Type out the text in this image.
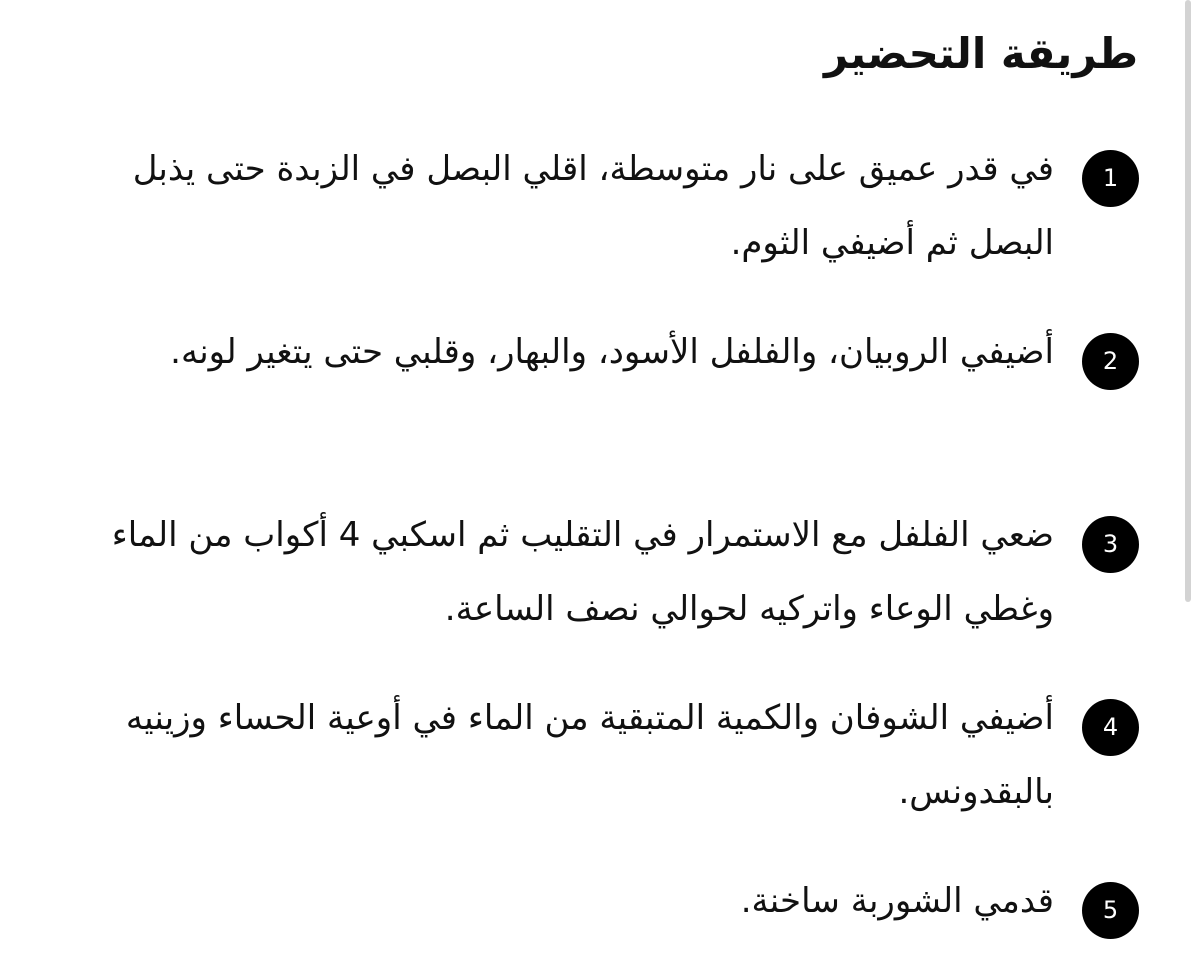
طريقة التحضير
1

في قدر عميق على نار متوسطة، اقلي البصل في الزبدة حتى يذبل البصل ثم أضيفي الثوم.

2

أضيفي الروبيان، والفلفل الأسود، والبهار، وقلبي حتى يتغير لونه.

3

ضعي الفلفل مع الاستمرار في التقليب ثم اسكبي 4 أكواب من الماء وغطي الوعاء واتركيه لحوالي نصف الساعة.

4

أضيفي الشوفان والكمية المتبقية من الماء في أوعية الحساء وزينيه بالبقدونس.

5

قدمي الشوربة ساخنة.
